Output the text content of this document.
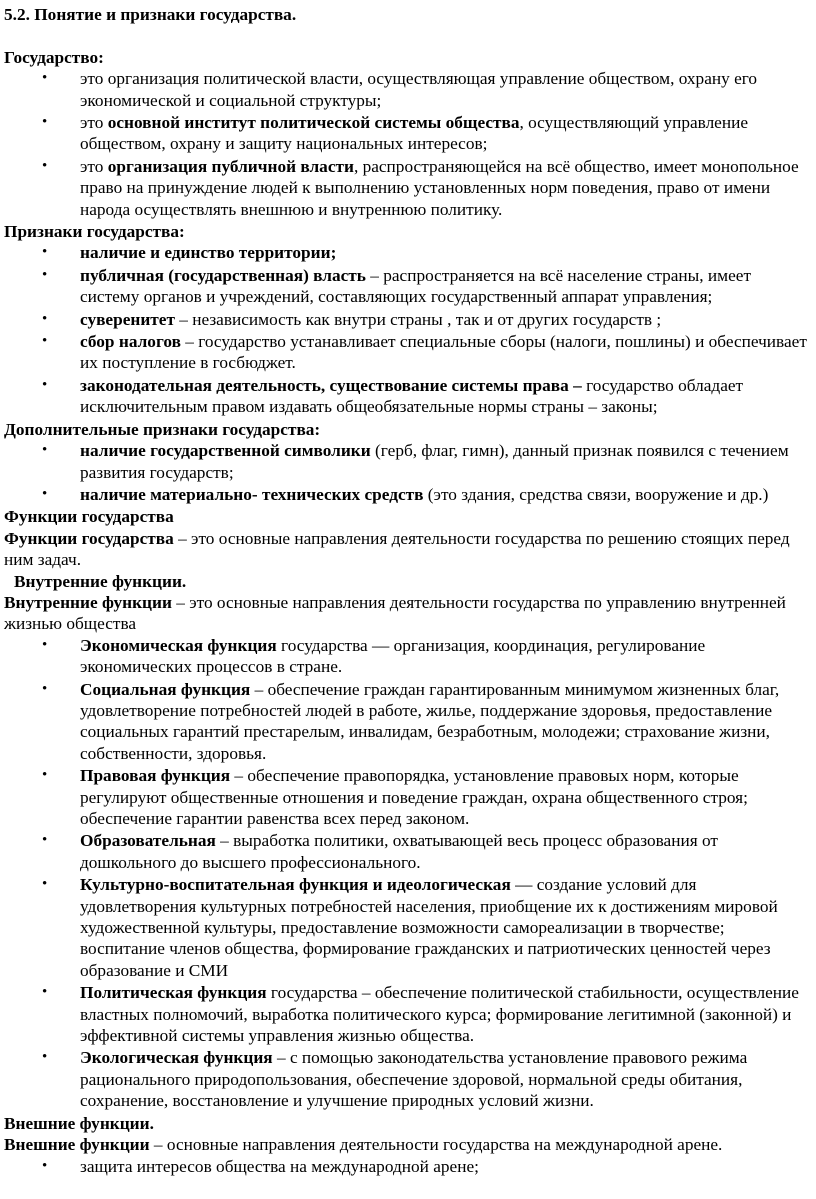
5.2. Понятие и признаки государства.

Государство:

• это организация политической власти, осуществляющая управление обществом, охрану его экономической и социальной структуры;
• это основной институт политической системы общества, осуществляющий управление обществом, охрану и защиту национальных интересов;
• это организация публичной власти, распространяющейся на всё общество, имеет монопольное право на принуждение людей к выполнению установленных норм поведения, право от имени народа осуществлять внешнюю и внутреннюю политику.

Признаки государства:

• наличие и единство территории;
• публичная (государственная) власть – распространяется на всё население страны, имеет систему органов и учреждений, составляющих государственный аппарат управления;
• суверенитет – независимость как внутри страны , так и от других государств ;
• сбор налогов – государство устанавливает специальные сборы (налоги, пошлины) и обеспечивает их поступление в госбюджет.
• законодательная деятельность, существование системы права – государство обладает исключительным правом издавать общеобязательные нормы страны – законы;

Дополнительные признаки государства:

• наличие государственной символики (герб, флаг, гимн), данный признак появился с течением развития государств;
• наличие материально- технических средств (это здания, средства связи, вооружение и др.)

Функции государства

Функции государства – это основные направления деятельности государства по решению стоящих перед ним задач.

Внутренние функции.

Внутренние функции – это основные направления деятельности государства по управлению внутренней жизнью общества

• Экономическая функция государства — организация, координация, регулирование экономических процессов в стране.
• Социальная функция – обеспечение граждан гарантированным минимумом жизненных благ, удовлетворение потребностей людей в работе, жилье, поддержание здоровья, предоставление социальных гарантий престарелым, инвалидам, безработным, молодежи; страхование жизни, собственности, здоровья.
• Правовая функция – обеспечение правопорядка, установление правовых норм, которые регулируют общественные отношения и поведение граждан, охрана общественного строя; обеспечение гарантии равенства всех перед законом.
• Образовательная – выработка политики, охватывающей весь процесс образования от дошкольного до высшего профессионального.
• Культурно-воспитательная функция и идеологическая — создание условий для удовлетворения культурных потребностей населения, приобщение их к достижениям мировой художественной культуры, предоставление возможности самореализации в творчестве; воспитание членов общества, формирование гражданских и патриотических ценностей через образование и СМИ
• Политическая функция государства – обеспечение политической стабильности, осуществление властных полномочий, выработка политического курса; формирование легитимной (законной) и эффективной системы управления жизнью общества.
• Экологическая функция – с помощью законодательства установление правового режима рационального природопользования, обеспечение здоровой, нормальной среды обитания, сохранение, восстановление и улучшение природных условий жизни.

Внешние функции.

Внешние функции – основные направления деятельности государства на международной арене.

• защита интересов общества на международной арене;
